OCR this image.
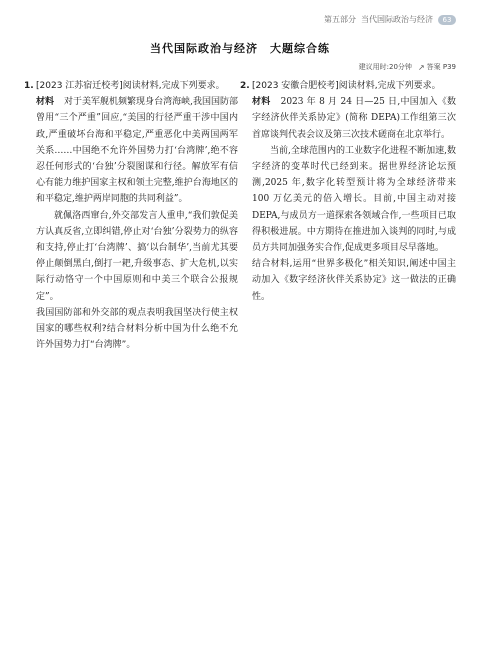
第五部分 当代国际政治与经济	63
当代国际政治与经济 大题综合练
建议用时:20分钟 ↗ 答案 P39
1. [2023 江苏宿迁校考]阅读材料,完成下列要求。

材料 对于美军舰机频繁现身台湾海峡,我国国防部曾用“三个严重”回应,“美国的行径严重干涉中国内政,严重破坏台海和平稳定,严重恶化中美两国两军关系……中国绝不允许外国势力打‘台湾牌’,绝不容忍任何形式的‘台独’分裂图谋和行径。解放军有信心有能力维护国家主权和领土完整,维护台海地区的和平稳定,维护两岸同胞的共同利益”。

就佩洛西窜台,外交部发言人重申,“我们敦促美方认真反省,立即纠错,停止对‘台独’分裂势力的纵容和支持,停止打‘台湾牌’、搞‘以台制华’,当前尤其要停止颠倒黑白,倒打一耙,升级事态、扩大危机,以实际行动恪守一个中国原则和中美三个联合公报规定”。

我国国防部和外交部的观点表明我国坚决行使主权国家的哪些权利?结合材料分析中国为什么绝不允许外国势力打“台湾牌”。

2. [2023 安徽合肥校考]阅读材料,完成下列要求。

材料 2023 年 8 月 24 日—25 日,中国加入《数字经济伙伴关系协定》(简称 DEPA)工作组第三次首席谈判代表会议及第三次技术磋商在北京举行。

当前,全球范围内的工业数字化进程不断加速,数字经济的变革时代已经到来。据世界经济论坛预测,2025 年,数字化转型预计将为全球经济带来 100 万亿美元的倍入增长。目前,中国主动对接 DEPA,与成员方一道探索各领域合作,一些项目已取得积极进展。中方期待在推进加入谈判的同时,与成员方共同加强务实合作,促成更多项目尽早落地。

结合材料,运用“世界多极化”相关知识,阐述中国主动加入《数字经济伙伴关系协定》这一做法的正确性。
